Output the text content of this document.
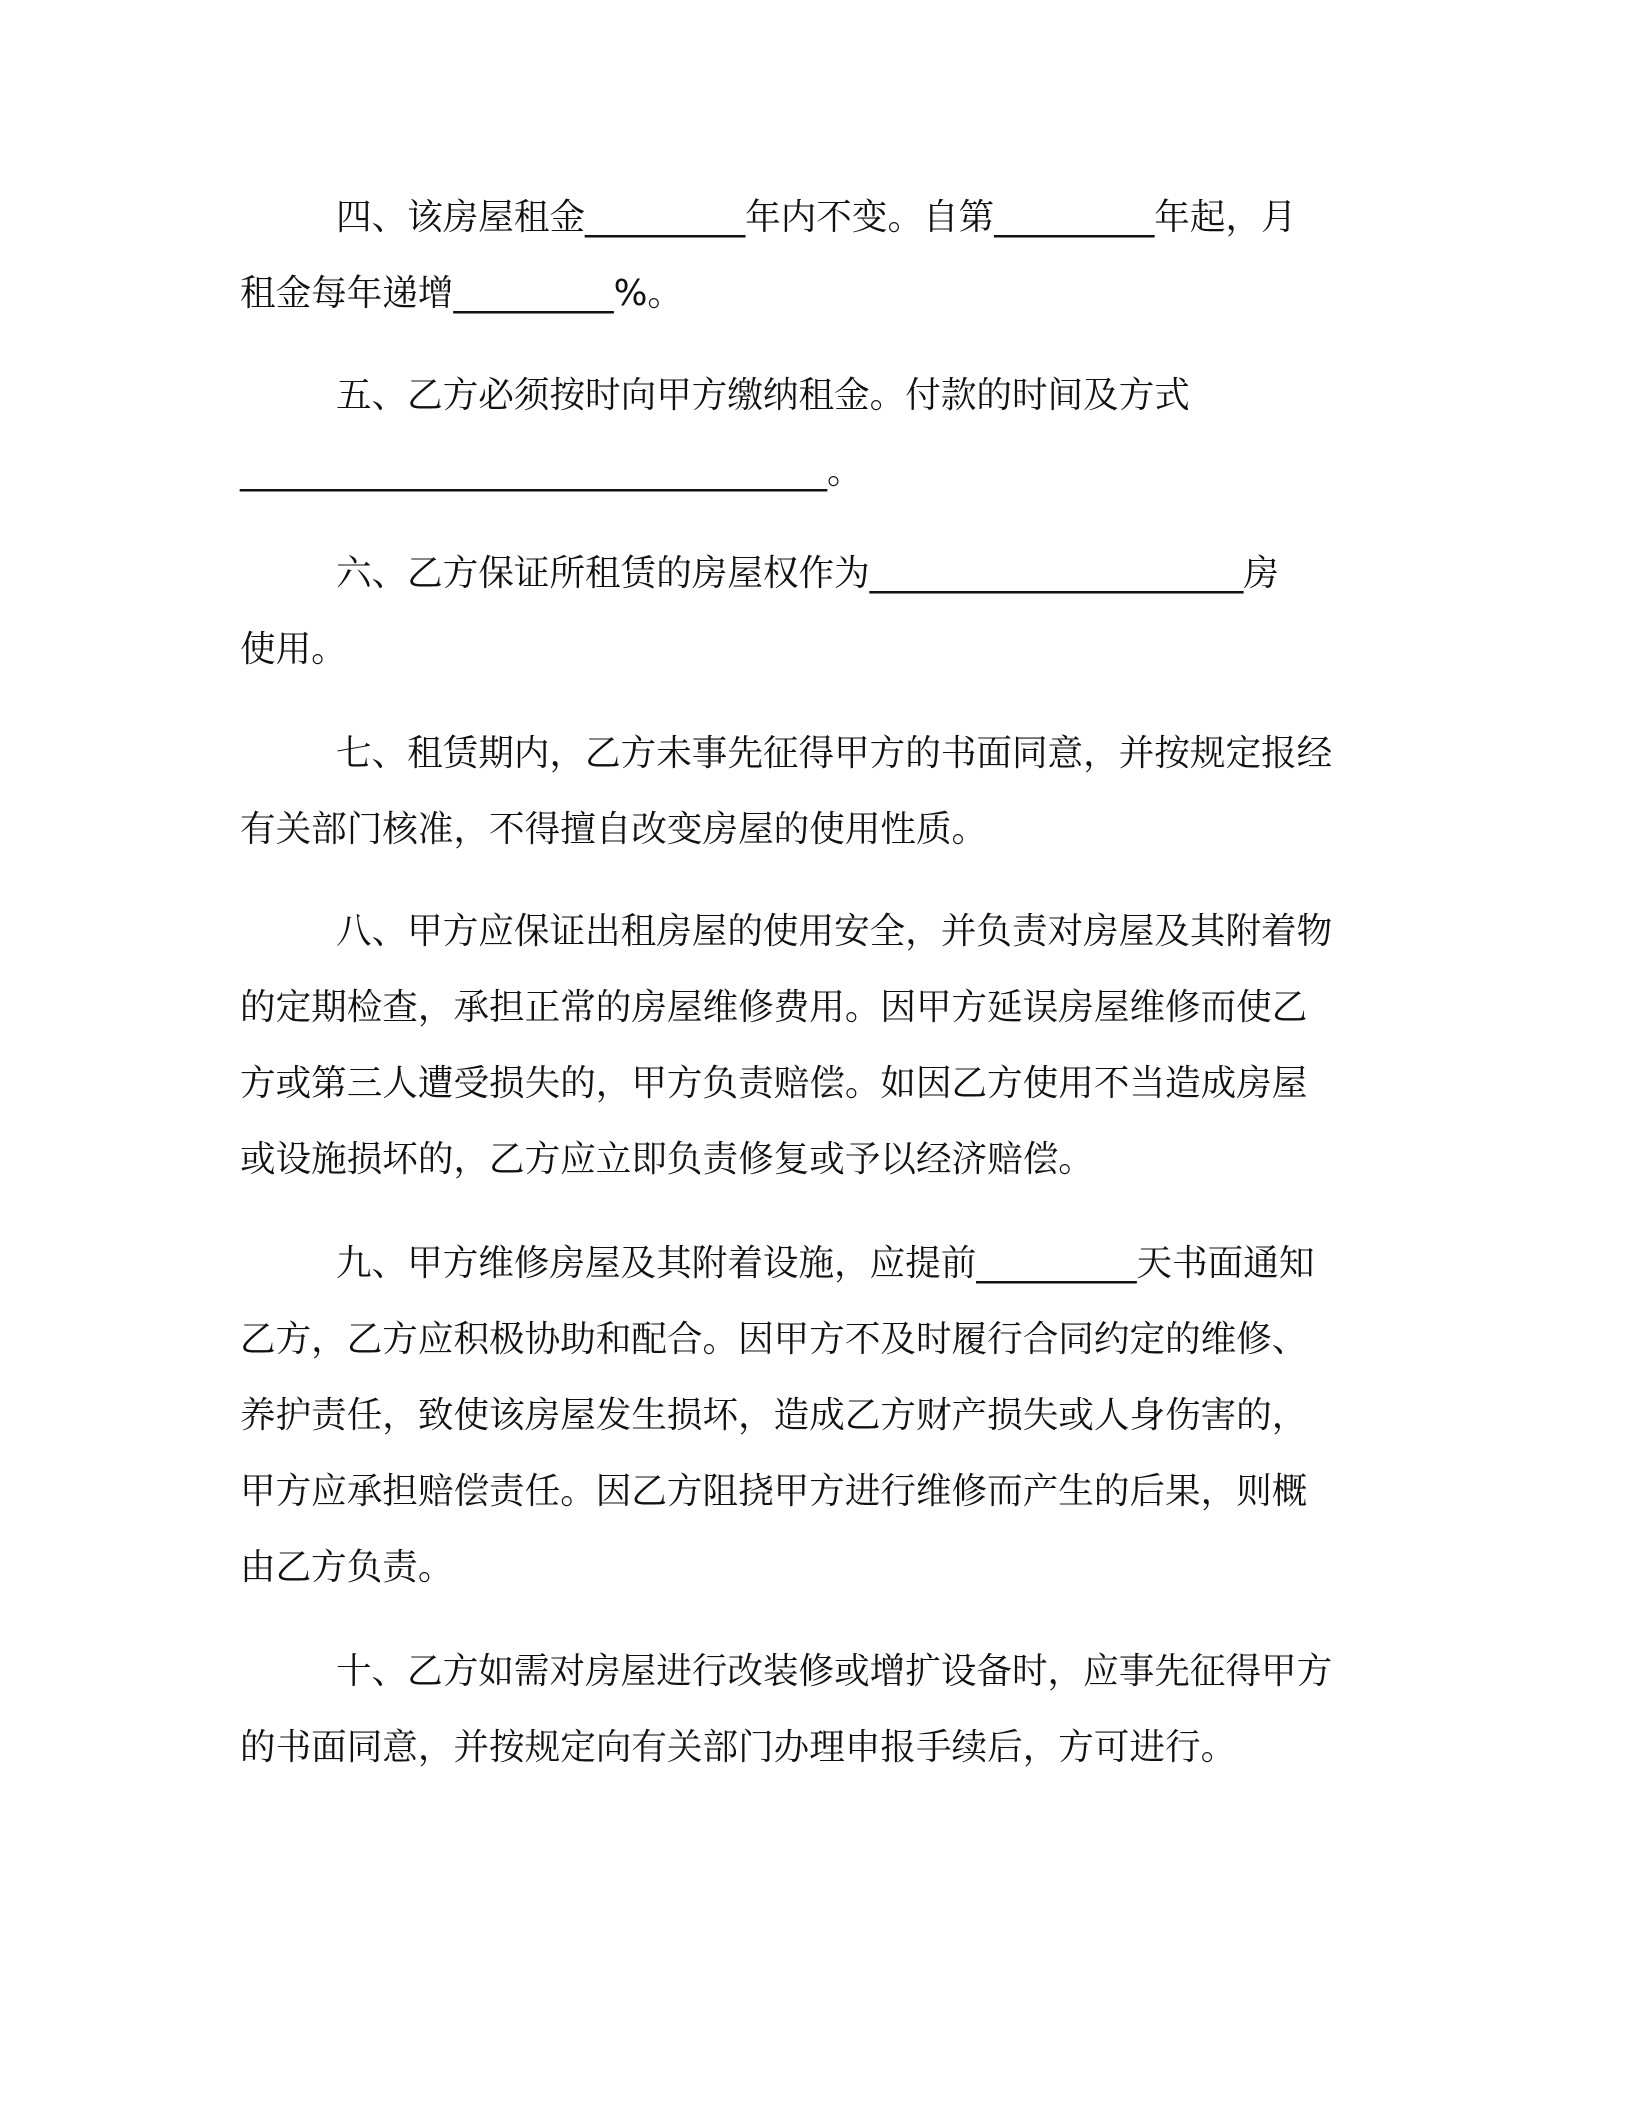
四、该房屋租金_________年内不变。自第_________年起，月
租金每年递增_________%。

五、乙方必须按时向甲方缴纳租金。付款的时间及方式
_________________________________。

六、乙方保证所租赁的房屋权作为_____________________房
使用。

七、租赁期内，乙方未事先征得甲方的书面同意，并按规定报经
有关部门核准，不得擅自改变房屋的使用性质。

八、甲方应保证出租房屋的使用安全，并负责对房屋及其附着物
的定期检查，承担正常的房屋维修费用。因甲方延误房屋维修而使乙
方或第三人遭受损失的，甲方负责赔偿。如因乙方使用不当造成房屋
或设施损坏的，乙方应立即负责修复或予以经济赔偿。

九、甲方维修房屋及其附着设施，应提前_________天书面通知
乙方，乙方应积极协助和配合。因甲方不及时履行合同约定的维修、
养护责任，致使该房屋发生损坏，造成乙方财产损失或人身伤害的，
甲方应承担赔偿责任。因乙方阻挠甲方进行维修而产生的后果，则概
由乙方负责。

十、乙方如需对房屋进行改装修或增扩设备时，应事先征得甲方
的书面同意，并按规定向有关部门办理申报手续后，方可进行。
